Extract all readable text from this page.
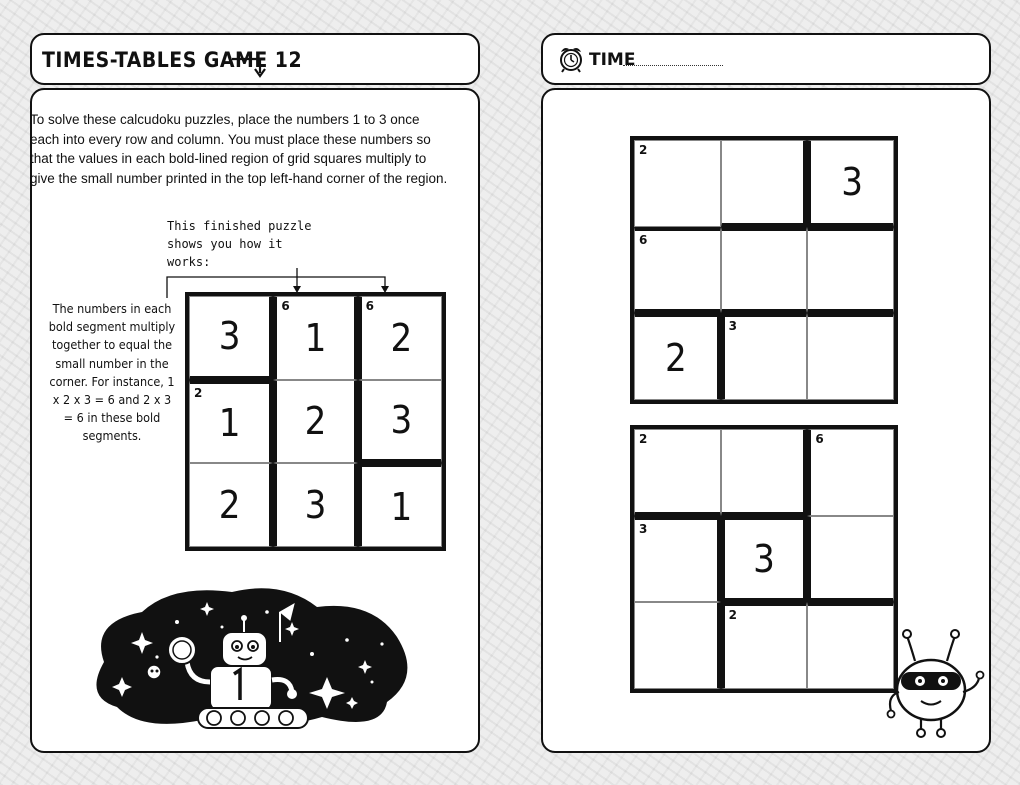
TIMES-TABLES GAME 12	TIME

To solve these calcudoku puzzles, place the numbers 1 to 3 once each into every row and column. You must place these numbers so that the values in each bold-lined region of grid squares multiply to give the small number printed in the top left-hand corner of the region.

This finished puzzle shows you how it works:

The numbers in each bold segment multiply together to equal the small number in the corner. For instance, 1 x 2 x 3 = 6 and 2 x 3 = 6 in these bold segments.

3
6
1
6
2
2
1 2 3
2 3 1
2
3
6
2
3
2	6
3
3
2
